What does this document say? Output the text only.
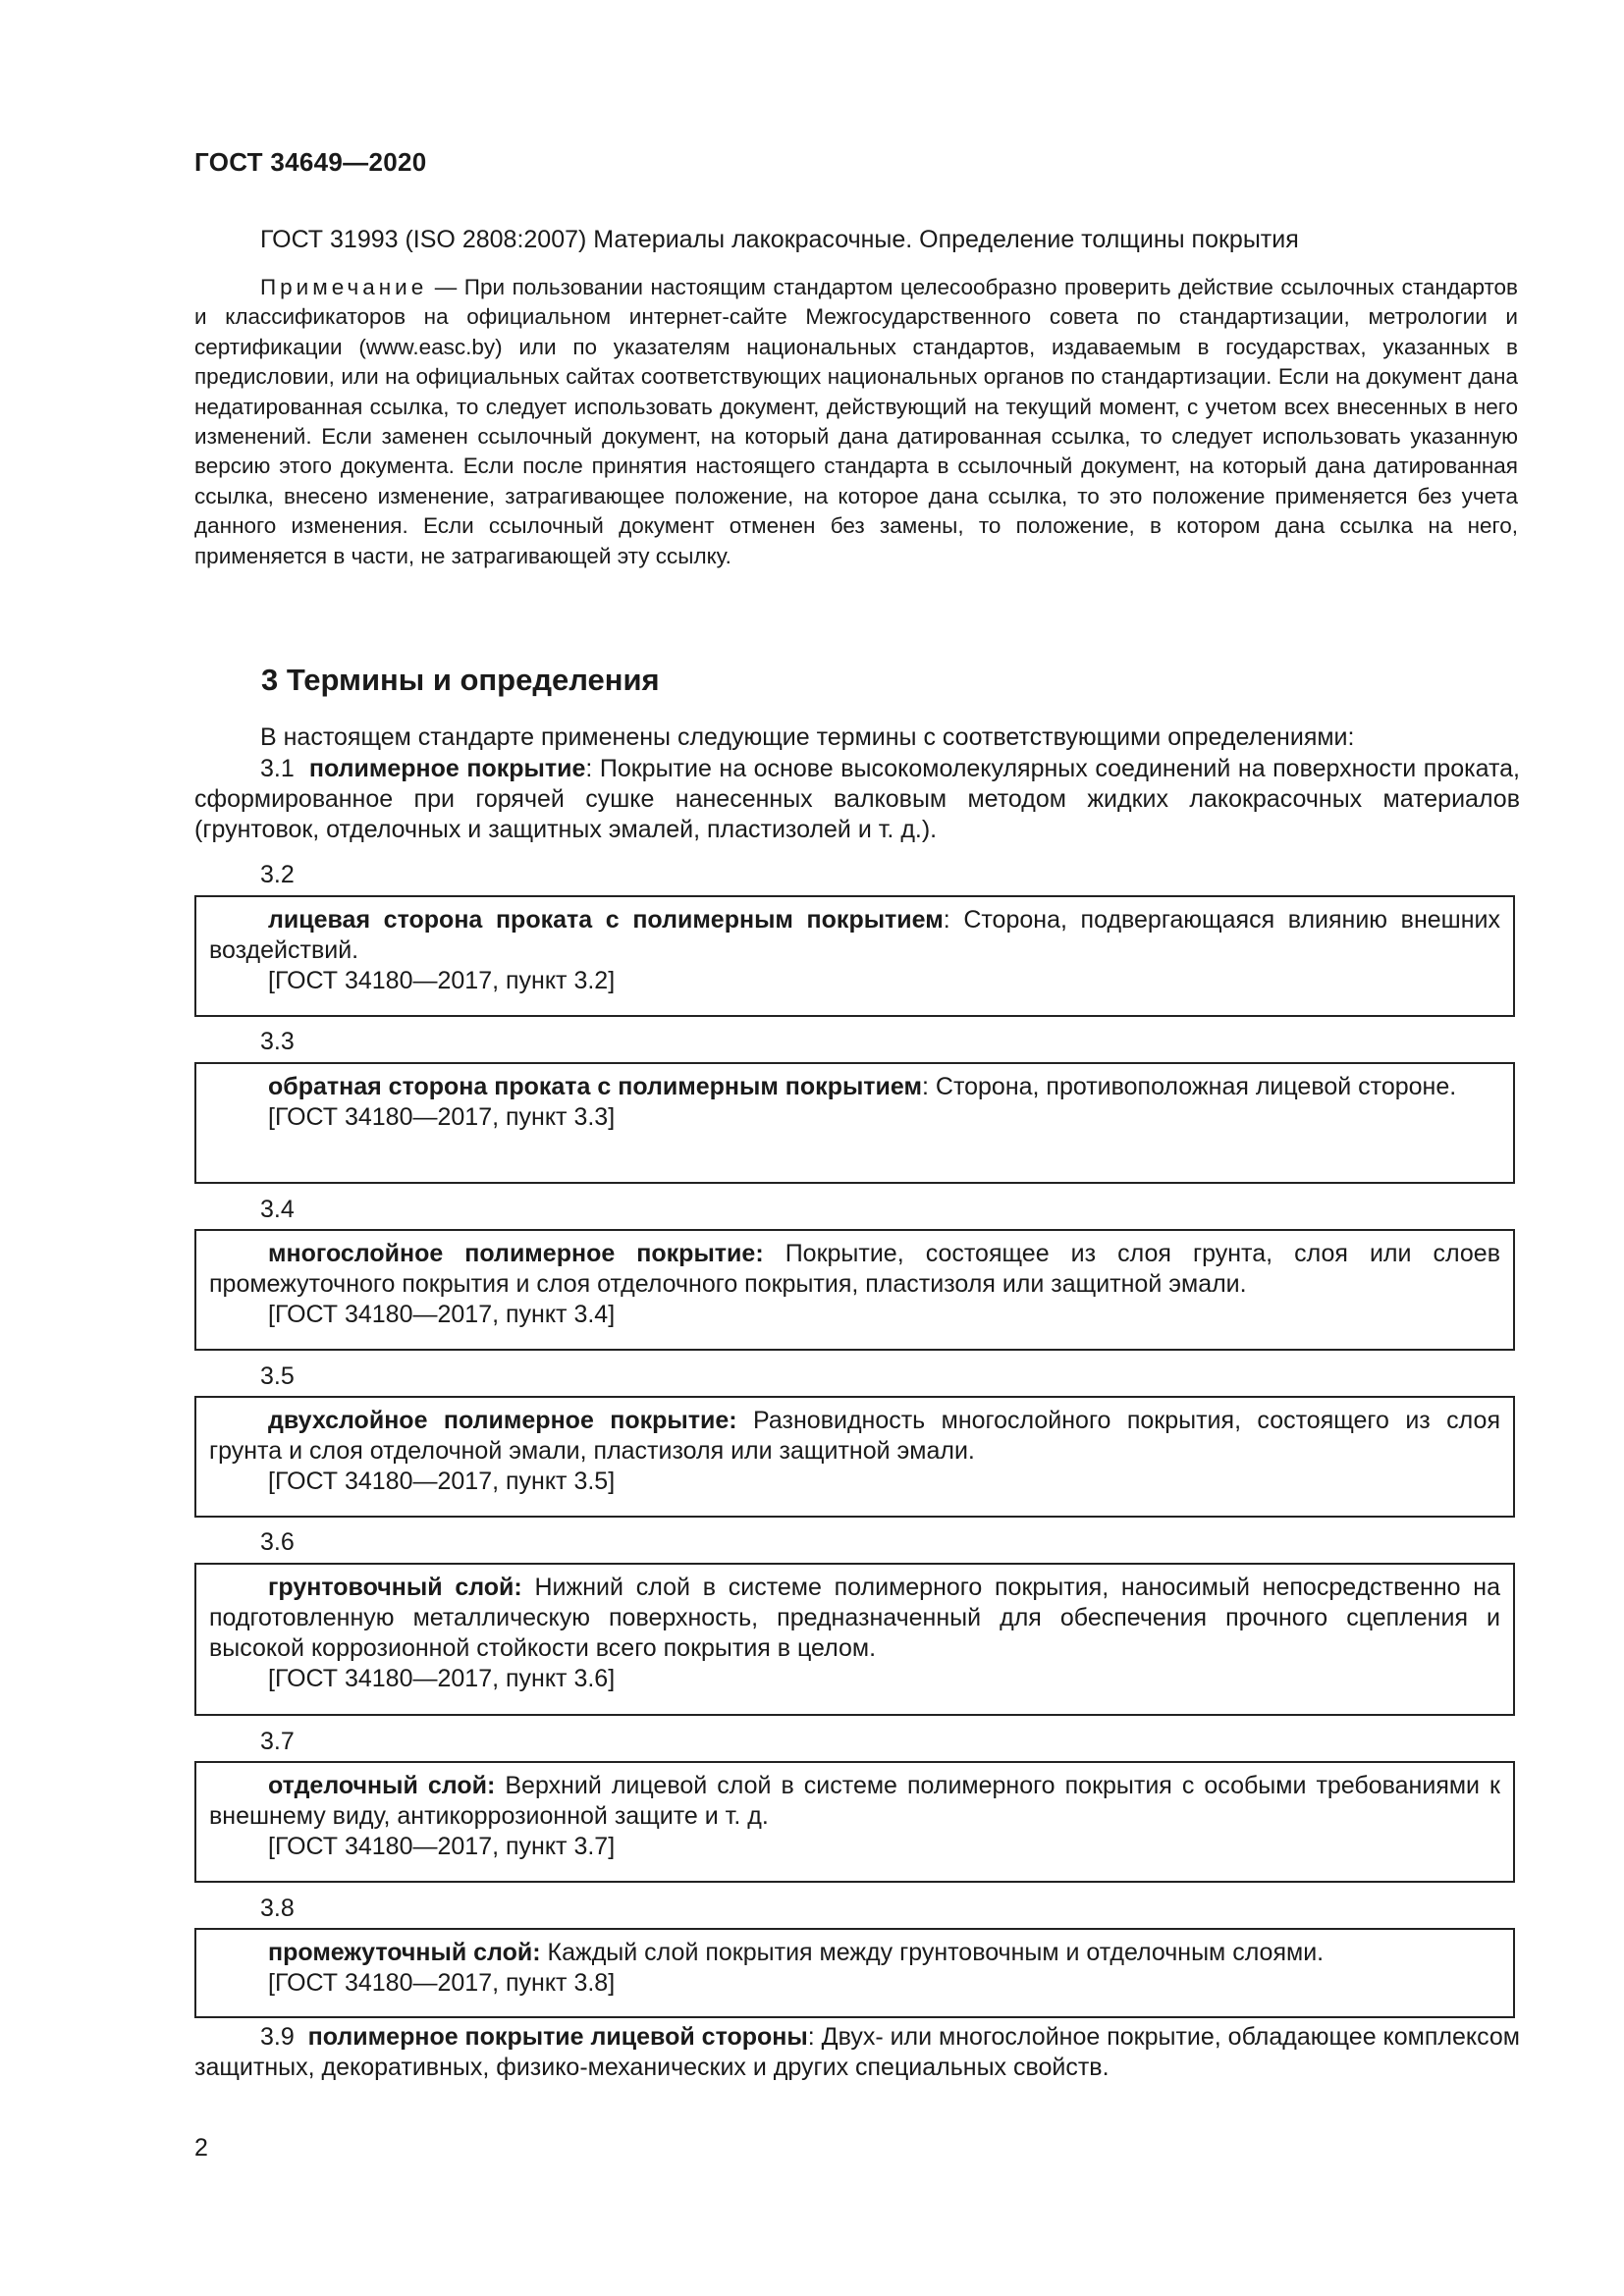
ГОСТ 34649—2020
ГОСТ 31993 (ISO 2808:2007) Материалы лакокрасочные. Определение толщины покрытия
Примечание — При пользовании настоящим стандартом целесообразно проверить действие ссылочных стандартов и классификаторов на официальном интернет-сайте Межгосударственного совета по стандартизации, метрологии и сертификации (www.easc.by) или по указателям национальных стандартов, издаваемым в государствах, указанных в предисловии, или на официальных сайтах соответствующих национальных органов по стандартизации. Если на документ дана недатированная ссылка, то следует использовать документ, действующий на текущий момент, с учетом всех внесенных в него изменений. Если заменен ссылочный документ, на который дана датированная ссылка, то следует использовать указанную версию этого документа. Если после принятия настоящего стандарта в ссылочный документ, на который дана датированная ссылка, внесено изменение, затрагивающее положение, на которое дана ссылка, то это положение применяется без учета данного изменения. Если ссылочный документ отменен без замены, то положение, в котором дана ссылка на него, применяется в части, не затрагивающей эту ссылку.
3 Термины и определения
В настоящем стандарте применены следующие термины с соответствующими определениями:
3.1 полимерное покрытие: Покрытие на основе высокомолекулярных соединений на поверхности проката, сформированное при горячей сушке нанесенных валковым методом жидких лакокрасочных материалов (грунтовок, отделочных и защитных эмалей, пластизолей и т. д.).
3.2
лицевая сторона проката с полимерным покрытием: Сторона, подвергающаяся влиянию внешних воздействий.
[ГОСТ 34180—2017, пункт 3.2]
3.3
обратная сторона проката с полимерным покрытием: Сторона, противоположная лицевой стороне.
[ГОСТ 34180—2017, пункт 3.3]
3.4
многослойное полимерное покрытие: Покрытие, состоящее из слоя грунта, слоя или слоев промежуточного покрытия и слоя отделочного покрытия, пластизоля или защитной эмали.
[ГОСТ 34180—2017, пункт 3.4]
3.5
двухслойное полимерное покрытие: Разновидность многослойного покрытия, состоящего из слоя грунта и слоя отделочной эмали, пластизоля или защитной эмали.
[ГОСТ 34180—2017, пункт 3.5]
3.6
грунтовочный слой: Нижний слой в системе полимерного покрытия, наносимый непосредственно на подготовленную металлическую поверхность, предназначенный для обеспечения прочного сцепления и высокой коррозионной стойкости всего покрытия в целом.
[ГОСТ 34180—2017, пункт 3.6]
3.7
отделочный слой: Верхний лицевой слой в системе полимерного покрытия с особыми требованиями к внешнему виду, антикоррозионной защите и т. д.
[ГОСТ 34180—2017, пункт 3.7]
3.8
промежуточный слой: Каждый слой покрытия между грунтовочным и отделочным слоями.
[ГОСТ 34180—2017, пункт 3.8]
3.9 полимерное покрытие лицевой стороны: Двух- или многослойное покрытие, обладающее комплексом защитных, декоративных, физико-механических и других специальных свойств.
2
